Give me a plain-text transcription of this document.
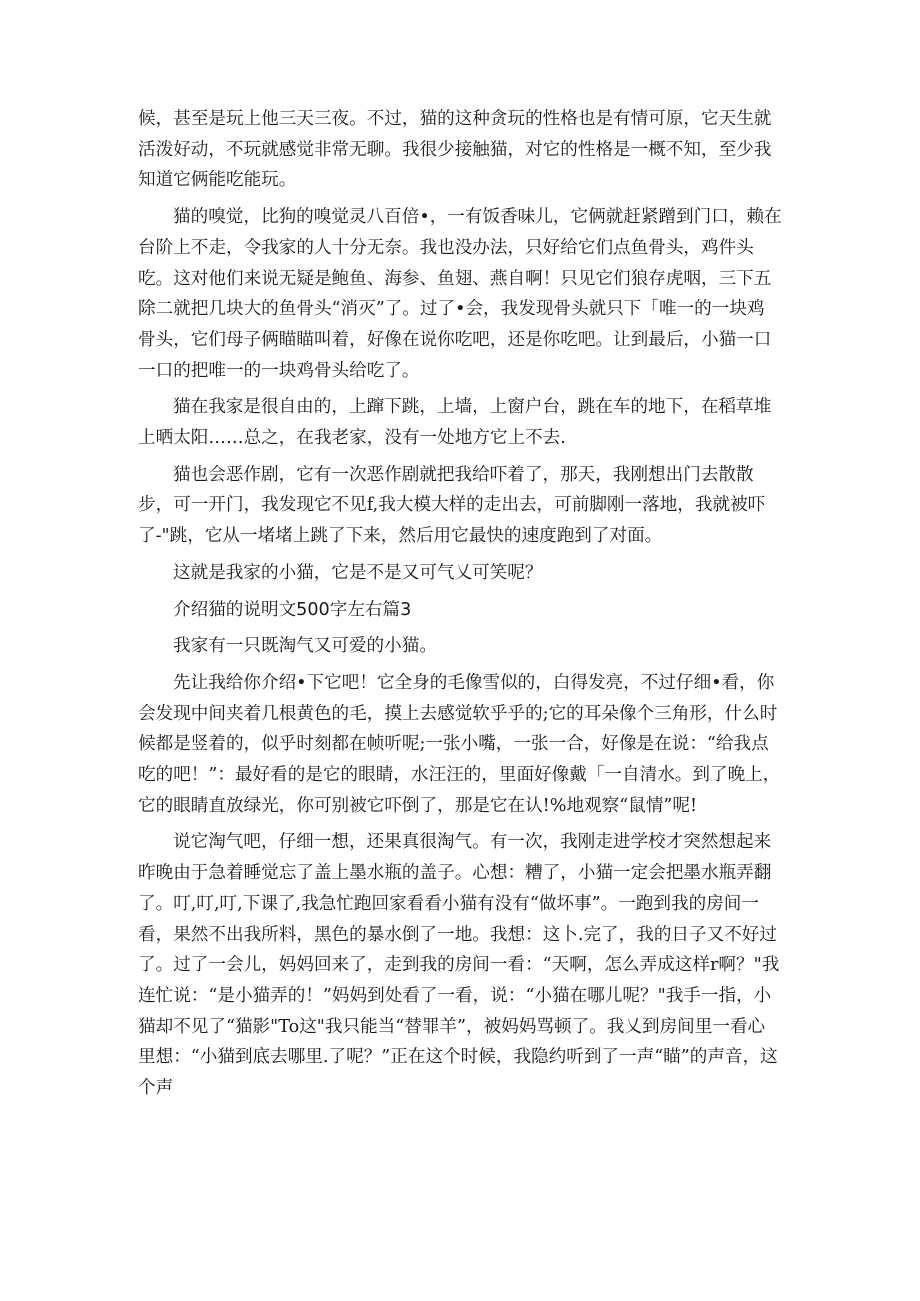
候，甚至是玩上他三天三夜。不过，猫的这种贪玩的性格也是有情可原，它天生就活泼好动，不玩就感觉非常无聊。我很少接触猫，对它的性格是一概不知，至少我知道它俩能吃能玩。

猫的嗅觉，比狗的嗅觉灵八百倍•，一有饭香味儿，它俩就赶紧蹭到门口，赖在台阶上不走，令我家的人十分无奈。我也没办法，只好给它们点鱼骨头，鸡件头吃。这对他们来说无疑是鲍鱼、海参、鱼翅、燕自啊！只见它们狼存虎咽，三下五除二就把几块大的鱼骨头“消灭”了。过了•会，我发现骨头就只下「唯一的一块鸡骨头，它们母子俩瞄瞄叫着，好像在说你吃吧，还是你吃吧。让到最后，小猫一口一口的把唯一的一块鸡骨头给吃了。

猫在我家是很自由的，上蹿下跳，上墙，上窗户台，跳在车的地下，在稻草堆上晒太阳……总之，在我老家，没有一处地方它上不去.

猫也会恶作剧，它有一次恶作剧就把我给吓着了，那天，我刚想出门去散散步，可一开门，我发现它不见f,我大模大样的走出去，可前脚刚一落地，我就被吓了-"跳，它从一堵堵上跳了下来，然后用它最快的速度跑到了对面。

这就是我家的小猫，它是不是又可气乂可笑呢？

介绍猫的说明文500字左右篇3

我家有一只既淘气又可爱的小猫。

先让我给你介绍•下它吧！它全身的毛像雪似的，白得发亮，不过仔细•看，你会发现中间夹着几根黄色的毛，摸上去感觉软乎乎的;它的耳朵像个三角形，什么时候都是竖着的，似乎时刻都在帧听呢;一张小嘴，一张一合，好像是在说：“给我点吃的吧！”：最好看的是它的眼睛，水汪汪的，里面好像戴「一自清水。到了晚上，它的眼睛直放绿光，你可别被它吓倒了，那是它在认!%地观察“鼠情”呢!

说它淘气吧，仔细一想，还果真很淘气。有一次，我刚走进学校才突然想起来昨晚由于急着睡觉忘了盖上墨水瓶的盖子。心想：糟了，小猫一定会把墨水瓶弄翻了。叮,叮,叮,下课了,我急忙跑回家看看小猫有没有“做坏事”。一跑到我的房间一看，果然不出我所料，黑色的暴水倒了一地。我想：这卜.完了，我的日子又不好过了。过了一会儿，妈妈回来了，走到我的房间一看：“天啊，怎么弄成这样r啊？"我连忙说：“是小猫弄的！”妈妈到处看了一看，说：“小猫在哪儿呢？"我手一指，小猫却不见了“猫影"To这"我只能当“替罪羊”，被妈妈骂顿了。我乂到房间里一看心里想：“小猫到底去哪里.了呢？”正在这个时候，我隐约听到了一声“瞄”的声音，这个声
